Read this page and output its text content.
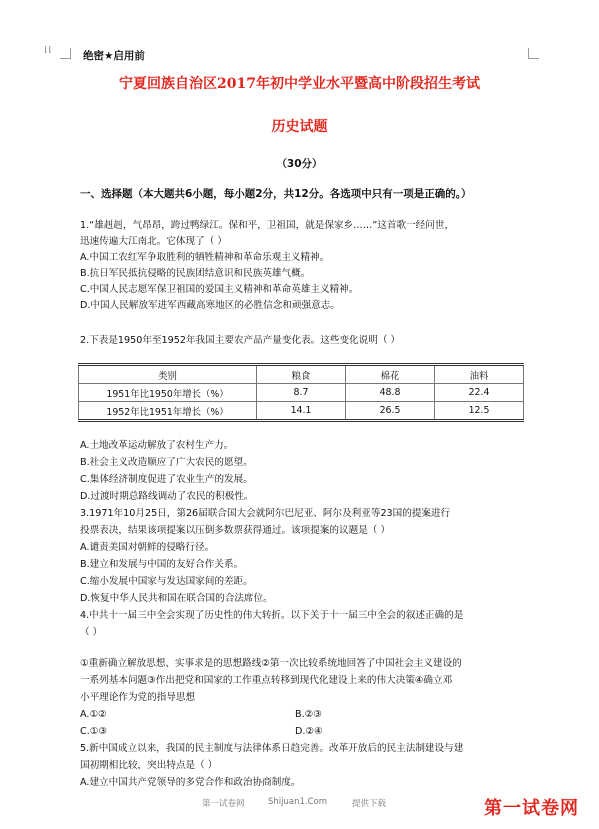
⁞⁞	绝密★启用前
宁夏回族自治区2017年初中学业水平暨高中阶段招生考试
历史试题
（30分）
一、选择题（本大题共6小题，每小题2分，共12分。各选项中只有一项是正确的。）
1.“雄赳赳，气昂昂，跨过鸭绿江。保和平，卫祖国，就是保家乡……”这首歌一经问世，
迅速传遍大江南北。它体现了（ ）
A.中国工农红军争取胜利的牺牲精神和革命乐观主义精神。
B.抗日军民抵抗侵略的民族团结意识和民族英雄气概。
C.中国人民志愿军保卫祖国的爱国主义精神和革命英雄主义精神。
D.中国人民解放军进军西藏高寒地区的必胜信念和顽强意志。
2.下表是1950年至1952年我国主要农产品产量变化表。这些变化说明（ ）
类别	粮食	棉花	油料
1951年比1950年增长（%）	8.7	48.8	22.4
1952年比1951年增长（%）	14.1	26.5	12.5
A.土地改革运动解放了农村生产力。
B.社会主义改造顺应了广大农民的愿望。
C.集体经济制度促进了农业生产的发展。
D.过渡时期总路线调动了农民的积极性。
3.1971年10月25日，第26届联合国大会就阿尔巴尼亚、阿尔及利亚等23国的提案进行
投票表决，结果该项提案以压倒多数票获得通过。该项提案的议题是（ ）
A.谴责美国对朝鲜的侵略行径。
B.建立和发展与中国的友好合作关系。
C.缩小发展中国家与发达国家间的差距。
D.恢复中华人民共和国在联合国的合法席位。
4.中共十一届三中全会实现了历史性的伟大转折。以下关于十一届三中全会的叙述正确的是
（ ）
①重新确立解放思想、实事求是的思想路线②第一次比较系统地回答了中国社会主义建设的
一系列基本问题③作出把党和国家的工作重点转移到现代化建设上来的伟大决策④确立邓
小平理论作为党的指导思想
A.①②	B.②③
C.①③	D.②④
5.新中国成立以来，我国的民主制度与法律体系日趋完善。改革开放后的民主法制建设与建
国初期相比较，突出特点是（ ）
A.建立中国共产党领导的多党合作和政治协商制度。
第一试卷网	Shijuan1.Com	提供下载	第一试卷网
